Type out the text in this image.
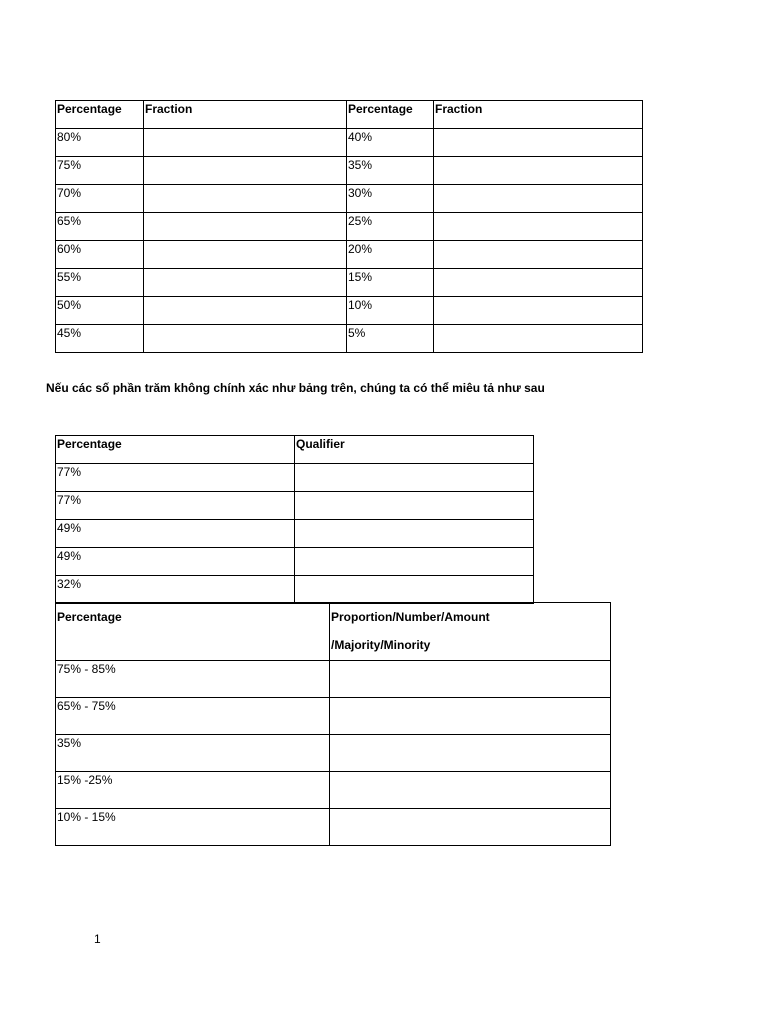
Percentage	Fraction	Percentage	Fraction
80%		40%	
75%		35%	
70%		30%	
65%		25%	
60%		20%	
55%		15%	
50%		10%	
45%		5%	
Nếu các số phần trăm không chính xác như bảng trên, chúng ta có thể miêu tả như sau
Percentage	Qualifier
77%	
77%	
49%	
49%	
32%	
Percentage	Proportion/Number/Amount
/Majority/Minority
75% - 85%	
65% - 75%	
35%	
15% -25%	
10% - 15%	
1
